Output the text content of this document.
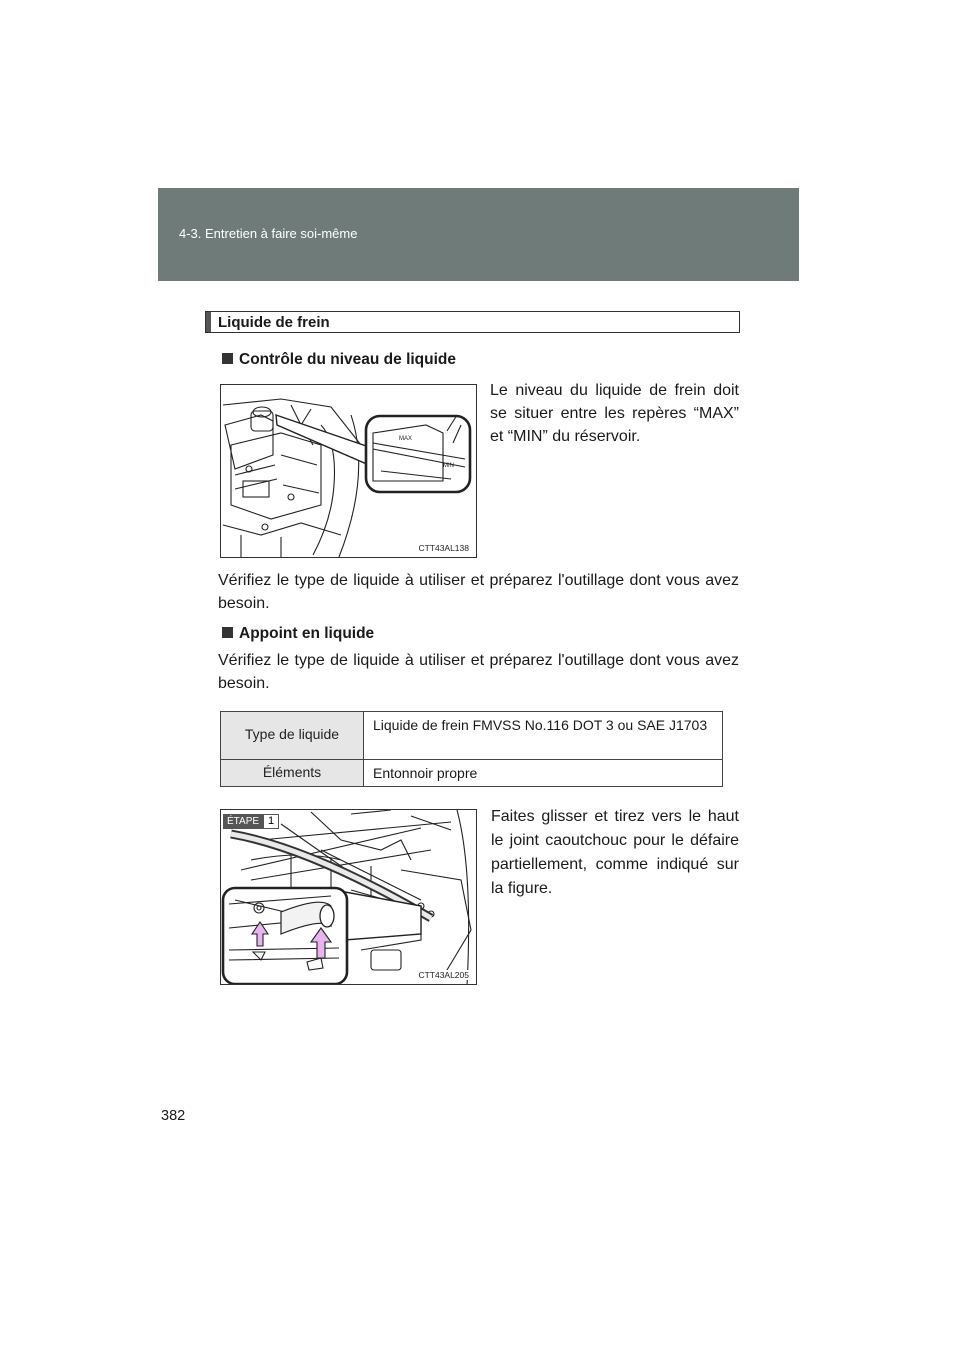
4-3. Entretien à faire soi-même
Liquide de frein
Contrôle du niveau de liquide
MAX
MIN
CTT43AL138
Le niveau du liquide de frein doit se situer entre les repères “MAX” et “MIN” du réservoir.
Vérifiez le type de liquide à utiliser et préparez l'outillage dont vous avez besoin.
Appoint en liquide
Vérifiez le type de liquide à utiliser et préparez l'outillage dont vous avez besoin.
Type de liquide	Liquide de frein FMVSS No.116 DOT 3 ou SAE J1703
Éléments	Entonnoir propre
CTT43AL205
ÉTAPE 1	Faites glisser et tirez vers le haut le joint caoutchouc pour le défaire partiellement, comme indiqué sur la figure.
382
